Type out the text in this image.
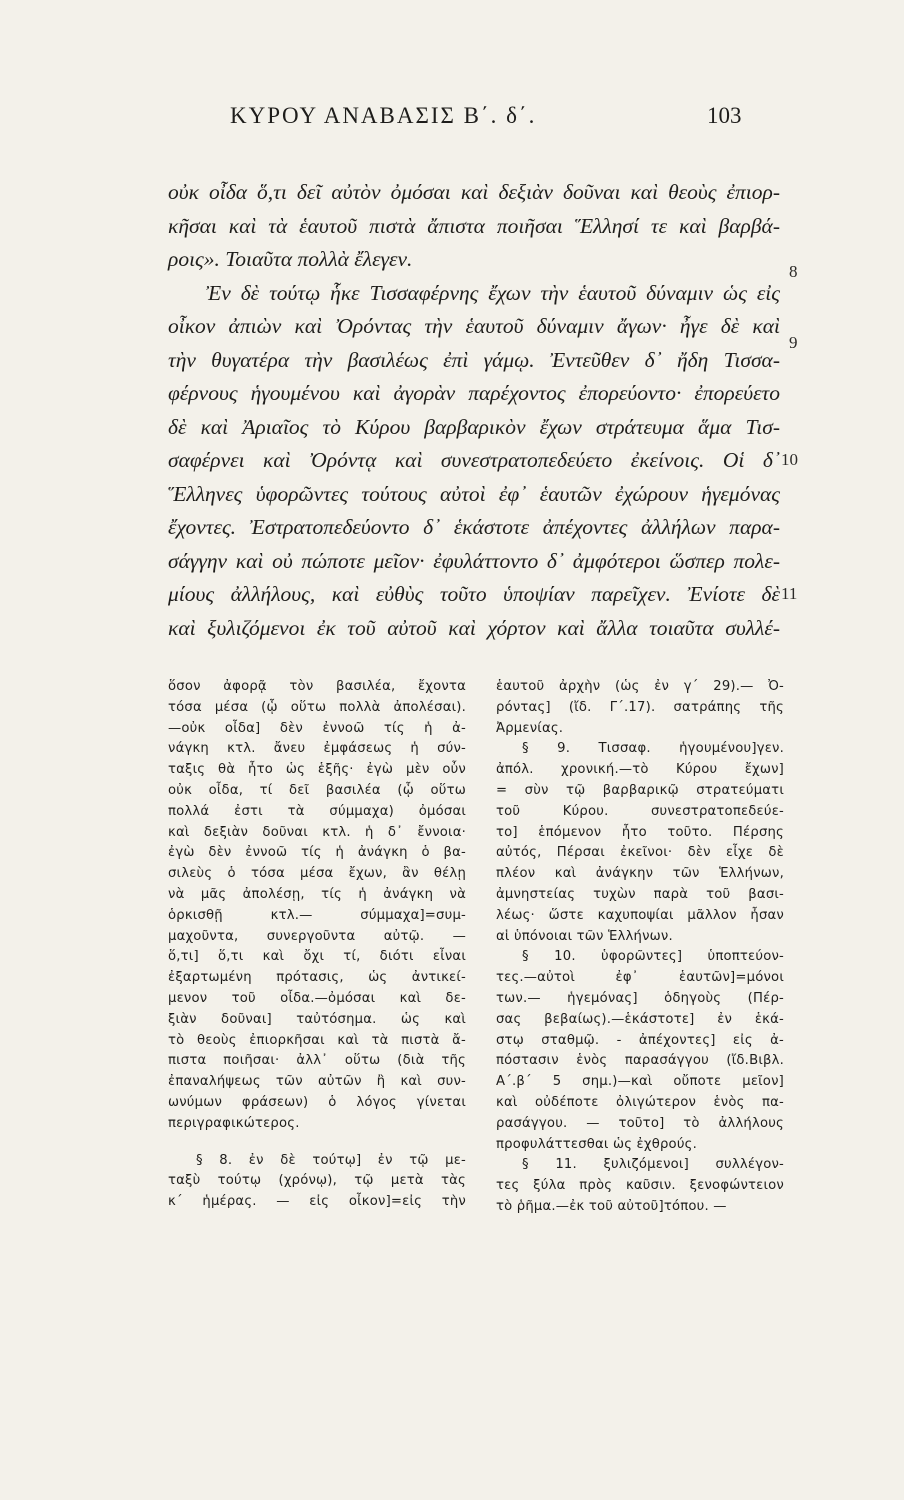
ΚΥΡΟΥ ΑΝΑΒΑΣΙΣ Β΄. δ΄.	103
οὐκ οἶδα ὅ,τι δεῖ αὐτὸν ὀμόσαι καὶ δεξιὰν δοῦναι καὶ θεοὺς ἐπιορ-
κῆσαι καὶ τὰ ἑαυτοῦ πιστὰ ἄπιστα ποιῆσαι Ἕλλησί τε καὶ βαρβά-
ροις». Τοιαῦτα πολλὰ ἔλεγεν.
Ἐν δὲ τούτῳ ἧκε Τισσαφέρνης ἔχων τὴν ἑαυτοῦ δύναμιν ὡς εἰς
οἶκον ἀπιὼν καὶ Ὀρόντας τὴν ἑαυτοῦ δύναμιν ἄγων· ἦγε δὲ καὶ
τὴν θυγατέρα τὴν βασιλέως ἐπὶ γάμῳ. Ἐντεῦθεν δ᾽ ἤδη Τισσα-
φέρνους ἡγουμένου καὶ ἀγορὰν παρέχοντος ἐπορεύοντο· ἐπορεύετο
δὲ καὶ Ἀριαῖος τὸ Κύρου βαρβαρικὸν ἔχων στράτευμα ἅμα Τισ-
σαφέρνει καὶ Ὀρόντᾳ καὶ συνεστρατοπεδεύετο ἐκείνοις. Οἱ δ᾽
Ἕλληνες ὑφορῶντες τούτους αὐτοὶ ἐφ᾽ ἑαυτῶν ἐχώρουν ἡγεμόνας
ἔχοντες. Ἐστρατοπεδεύοντο δ᾽ ἑκάστοτε ἀπέχοντες ἀλλήλων παρα-
σάγγην καὶ οὐ πώποτε μεῖον· ἐφυλάττοντο δ᾽ ἀμφότεροι ὥσπερ πολε-
μίους ἀλλήλους, καὶ εὐθὺς τοῦτο ὑποψίαν παρεῖχεν. Ἐνίοτε δὲ
καὶ ξυλιζόμενοι ἐκ τοῦ αὐτοῦ καὶ χόρτον καὶ ἄλλα τοιαῦτα συλλέ-
8
9
10
11
ὅσον ἀφορᾷ τὸν βασιλέα, ἔχοντα
τόσα μέσα (ᾧ οὕτω πολλὰ ἀπολέσαι).
—οὐκ οἶδα] δὲν ἐννοῶ τίς ἡ ἀ-
νάγκη κτλ. ἄνευ ἐμφάσεως ἡ σύν-
ταξις θὰ ἦτο ὡς ἑξῆς· ἐγὼ μὲν οὖν
οὐκ οἶδα, τί δεῖ βασιλέα (ᾧ οὕτω
πολλά ἐστι τὰ σύμμαχα) ὀμόσαι
καὶ δεξιὰν δοῦναι κτλ. ἡ δ᾽ ἔννοια·
ἐγὼ δὲν ἐννοῶ τίς ἡ ἀνάγκη ὁ βα-
σιλεὺς ὁ τόσα μέσα ἔχων, ἂν θέλῃ
νὰ μᾶς ἀπολέσῃ, τίς ἡ ἀνάγκη νὰ
ὁρκισθῇ κτλ.— σύμμαχα]=συμ-
μαχοῦντα, συνεργοῦντα αὐτῷ. —
ὅ,τι] ὅ,τι καὶ ὄχι τί, διότι εἶναι
ἐξαρτωμένη πρότασις, ὡς ἀντικεί-
μενον τοῦ οἶδα.—ὀμόσαι καὶ δε-
ξιὰν δοῦναι] ταὐτόσημα. ὡς καὶ
τὸ θεοὺς ἐπιορκῆσαι καὶ τὰ πιστὰ ἄ-
πιστα ποιῆσαι· ἀλλ᾽ οὕτω (διὰ τῆς
ἐπαναλήψεως τῶν αὐτῶν ἢ καὶ συν-
ωνύμων φράσεων) ὁ λόγος γίνεται
περιγραφικώτερος.
§ 8. ἐν δὲ τούτῳ] ἐν τῷ με-
ταξὺ τούτῳ (χρόνῳ), τῷ μετὰ τὰς
κ΄ ἡμέρας. — εἰς οἶκον]=εἰς τὴν
ἑαυτοῦ ἀρχὴν (ὡς ἐν γ΄ 29).— Ὀ-
ρόντας] (ἴδ. Γ΄.17). σατράπης τῆς
Ἀρμενίας.
§ 9. Τισσαφ. ἡγουμένου]γεν.
ἀπόλ. χρονική.—τὸ Κύρου ἔχων]
= σὺν τῷ βαρβαρικῷ στρατεύματι
τοῦ Κύρου. συνεστρατοπεδεύε-
το] ἑπόμενον ἦτο τοῦτο. Πέρσης
αὐτός, Πέρσαι ἐκεῖνοι· δὲν εἶχε δὲ
πλέον καὶ ἀνάγκην τῶν Ἑλλήνων,
ἀμνηστείας τυχὼν παρὰ τοῦ βασι-
λέως· ὥστε καχυποψίαι μᾶλλον ἦσαν
αἱ ὑπόνοιαι τῶν Ἑλλήνων.
§ 10. ὑφορῶντες] ὑποπτεύον-
τες.—αὐτοὶ ἐφ᾽ ἑαυτῶν]=μόνοι
των.— ἡγεμόνας] ὁδηγοὺς (Πέρ-
σας βεβαίως).—ἑκάστοτε] ἐν ἑκά-
στῳ σταθμῷ. - ἀπέχοντες] εἰς ἀ-
πόστασιν ἑνὸς παρασάγγου (ἴδ.Βιβλ.
Α΄.β΄ 5 σημ.)—καὶ οὔποτε μεῖον]
καὶ οὐδέποτε ὀλιγώτερον ἑνὸς πα-
ρασάγγου. — τοῦτο] τὸ ἀλλήλους
προφυλάττεσθαι ὡς ἐχθρούς.
§ 11. ξυλιζόμενοι] συλλέγον-
τες ξύλα πρὸς καῦσιν. ξενοφώντειον
τὸ ῥῆμα.—ἐκ τοῦ αὐτοῦ]τόπου. —
